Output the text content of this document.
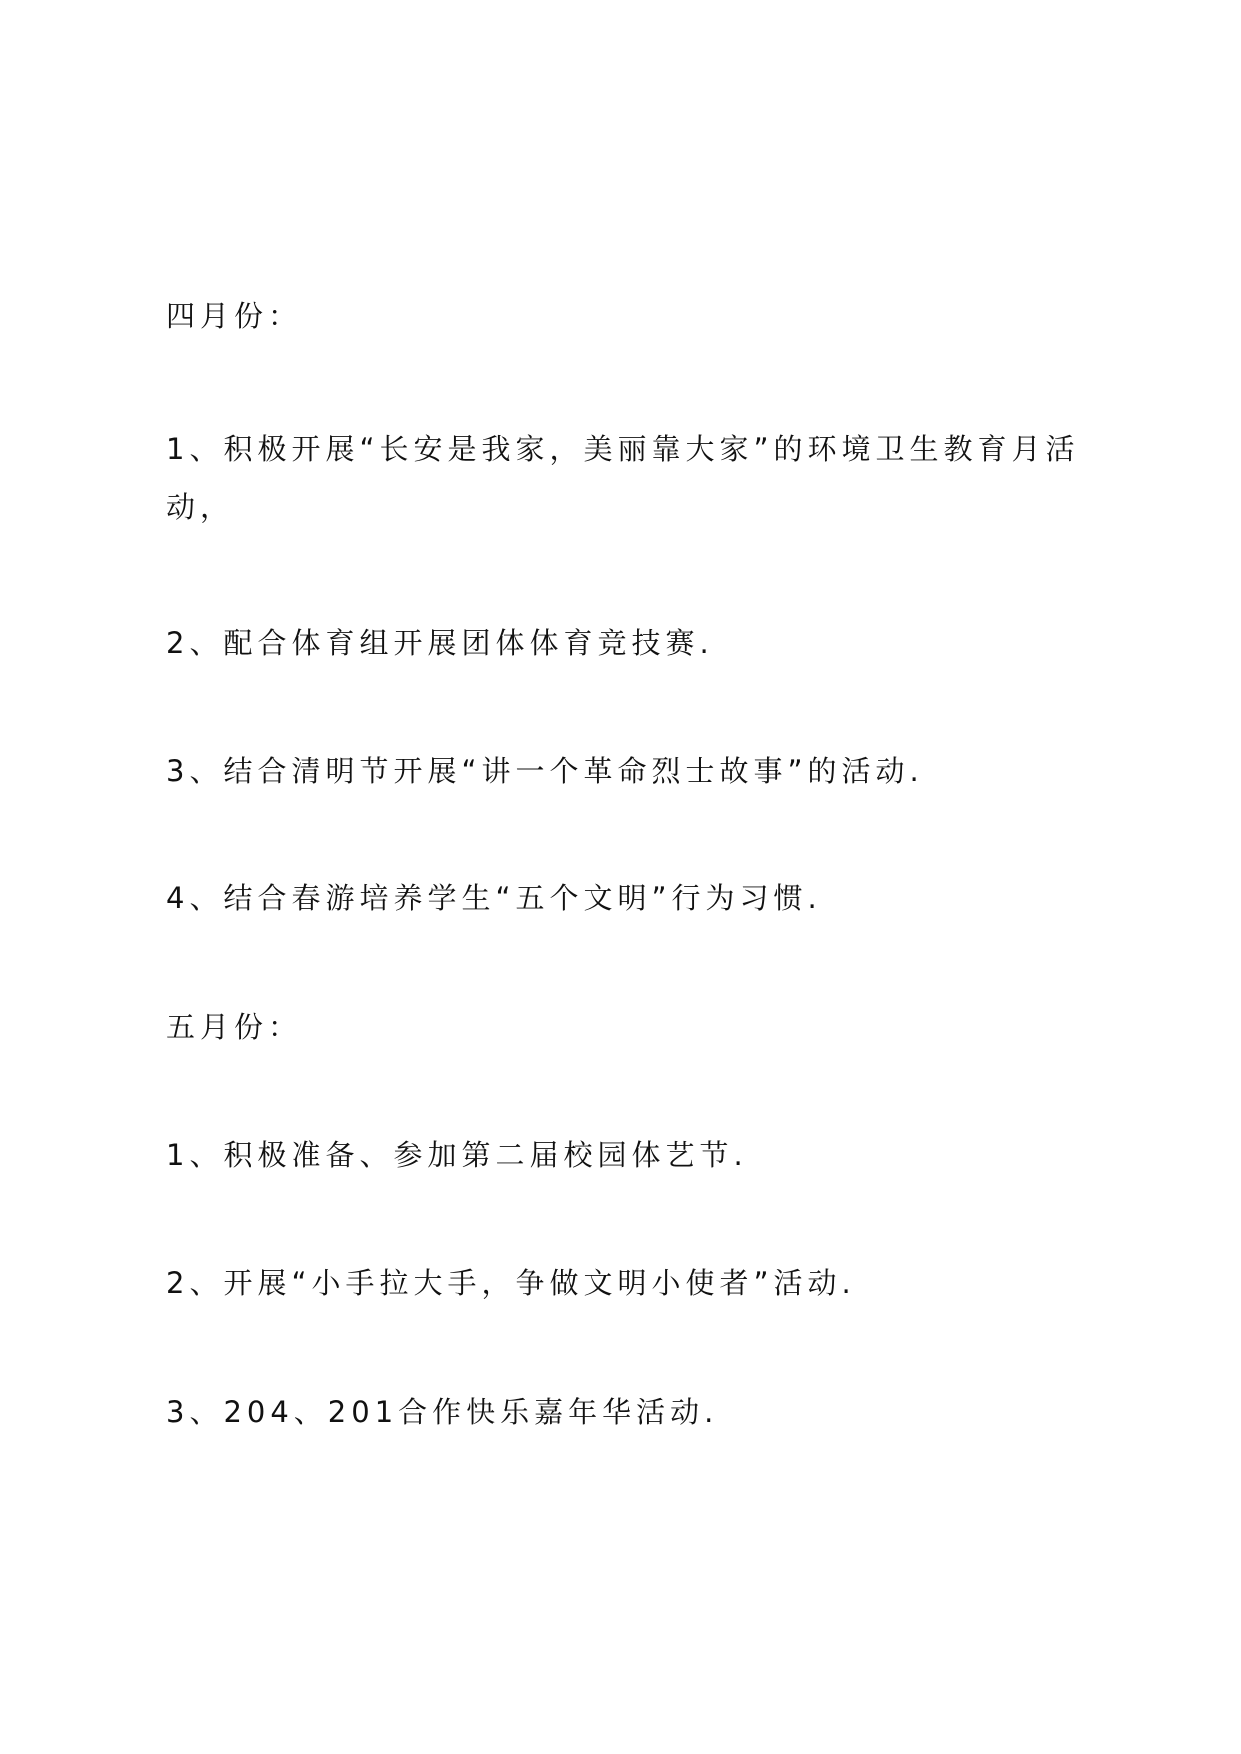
四月份：
1、积极开展“长安是我家，美丽靠大家”的环境卫生教育月活动，
2、配合体育组开展团体体育竞技赛.
3、结合清明节开展“讲一个革命烈士故事”的活动.
4、结合春游培养学生“五个文明”行为习惯.
五月份：
1、积极准备、参加第二届校园体艺节.
2、开展“小手拉大手，争做文明小使者”活动.
3、204、201合作快乐嘉年华活动.
